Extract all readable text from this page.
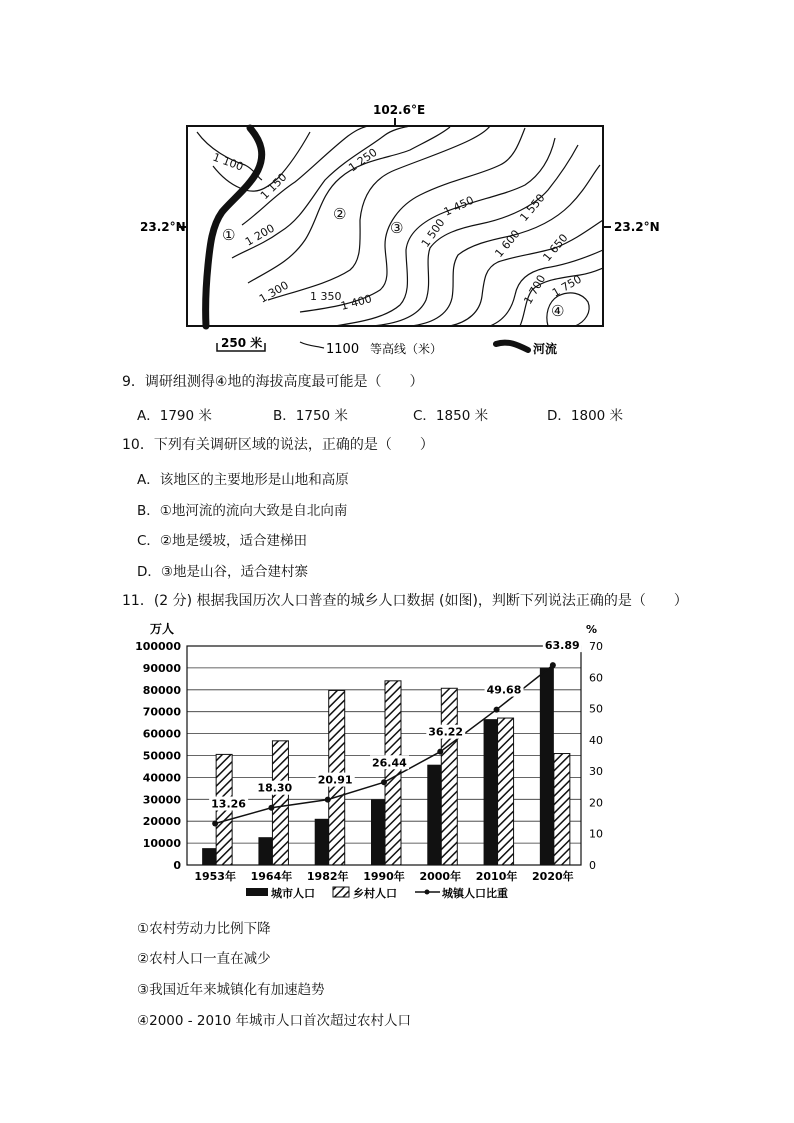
102.6°E
23.2°N	23.2°N
1 100
1 150
1 200
1 250
1 300 1 350
1 400
1 450
1 500
1 550
1 600 1 650
1 700 1 750
①
②
③
④
250 米	1100 等高线（米）	河流
9．调研组测得④地的海拔高度最可能是（　　）
A．1790 米	B．1750 米	C．1850 米	D．1800 米
10．下列有关调研区域的说法，正确的是（　　）
A．该地区的主要地形是山地和高原
B．①地河流的流向大致是自北向南
C．②地是缓坡，适合建梯田
D．③地是山谷，适合建村寨
11．(2 分) 根据我国历次人口普查的城乡人口数据 (如图)，判断下列说法正确的是（　　）
万人	%
0
10000
20000
30000
40000
50000
60000
70000
80000
90000
100000
0
10
20
30
40
50
60
70
1953年 1964年 1982年 1990年 2000年 2010年 2020年
13.26
18.30
20.91
26.44
36.22
49.68
63.89
城市人口	乡村人口	城镇人口比重
①农村劳动力比例下降
②农村人口一直在减少
③我国近年来城镇化有加速趋势
④2000 - 2010 年城市人口首次超过农村人口
